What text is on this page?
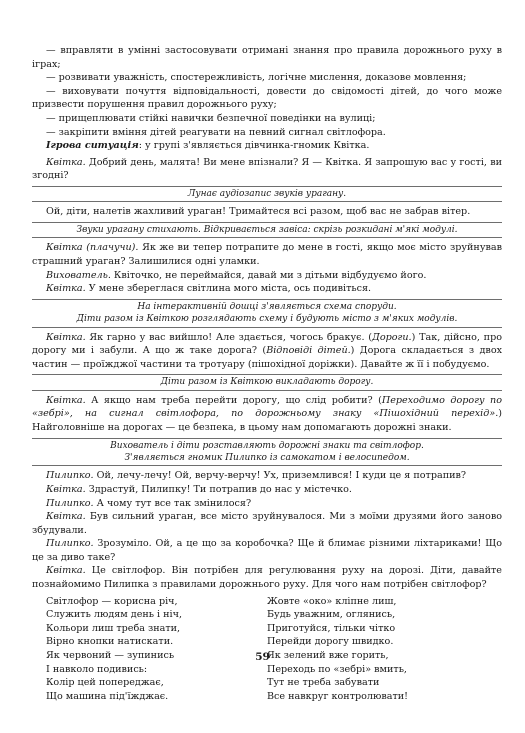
— вправляти в умінні застосовувати отримані знання про правила дорожнього руху в іграх;

— розвивати уважність, спостережливість, логічне мислення, доказове мовлення;

— виховувати почуття відповідальності, довести до свідомості дітей, до чого може призвести порушення правил дорожнього руху;

— прищеплювати стійкі навички безпечної поведінки на вулиці;

— закріпити вміння дітей реагувати на певний сигнал світлофора.

Ігрова ситуація: у групі з'являється дівчинка-гномик Квітка.

Квітка. Добрий день, малята! Ви мене впізнали? Я — Квітка. Я запрошую вас у гості, ви згодні?

Лунає аудіозапис звуків урагану.

Ой, діти, налетів жахливий ураган! Тримайтеся всі разом, щоб вас не забрав вітер.

Звуки урагану стихають. Відкривається завіса: скрізь розкидані м'які модулі.

Квітка (плачучи). Як же ви тепер потрапите до мене в гості, якщо моє місто зруйнував страшний ураган? Залишилися одні уламки.

Вихователь. Квіточко, не переймайся, давай ми з дітьми відбудуємо його.

Квітка. У мене збереглася світлина мого міста, ось подивіться.

На інтерактивній дошці з'являється схема споруди.
Діти разом із Квіткою розглядають схему і будують місто з м'яких модулів.

Квітка. Як гарно у вас вийшло! Але здається, чогось бракує. (Дороги.) Так, дійсно, про дорогу ми і забули. А що ж таке дорога? (Відповіді дітей.) Дорога складається з двох частин — проїжджої частини та тротуару (пішохідної доріжки). Давайте ж її і побудуємо.

Діти разом із Квіткою викладають дорогу.

Квітка. А якщо нам треба перейти дорогу, що слід робити? (Переходимо дорогу по «зебрі», на сигнал світлофора, по дорожньому знаку «Пішохідний перехід».) Найголовніше на дорогах — це безпека, в цьому нам допомагають дорожні знаки.

Вихователь і діти розставляють дорожні знаки та світлофор.
З'являється гномик Пилипко із самокатом і велосипедом.

Пилипко. Ой, лечу-лечу! Ой, верчу-верчу! Ух, приземлився! І куди це я потрапив?

Квітка. Здрастуй, Пилипку! Ти потрапив до нас у містечко.

Пилипко. А чому тут все так змінилося?

Квітка. Був сильний ураган, все місто зруйнувалося. Ми з моїми друзями його заново збудували.

Пилипко. Зрозуміло. Ой, а це що за коробочка? Ще й блимає різними ліхтариками! Що це за диво таке?

Квітка. Це світлофор. Він потрібен для регулювання руху на дорозі. Діти, давайте познайомимо Пилипка з правилами дорожнього руху. Для чого нам потрібен світлофор?

Світлофор — корисна річ,
Служить людям день і ніч,
Кольори лиш треба знати,
Вірно кнопки натискати.
Як червоний — зупинись
І навколо подивись:
Колір цей попереджає,
Що машина під'їжджає.
Жовте «око» кліпне лиш,
Будь уважним, оглянись,
Приготуйся, тільки чітко
Перейди дорогу швидко.
Як зелений вже горить,
Переходь по «зебрі» вмить,
Тут не треба забувати
Все навкруг контролювати!
59
